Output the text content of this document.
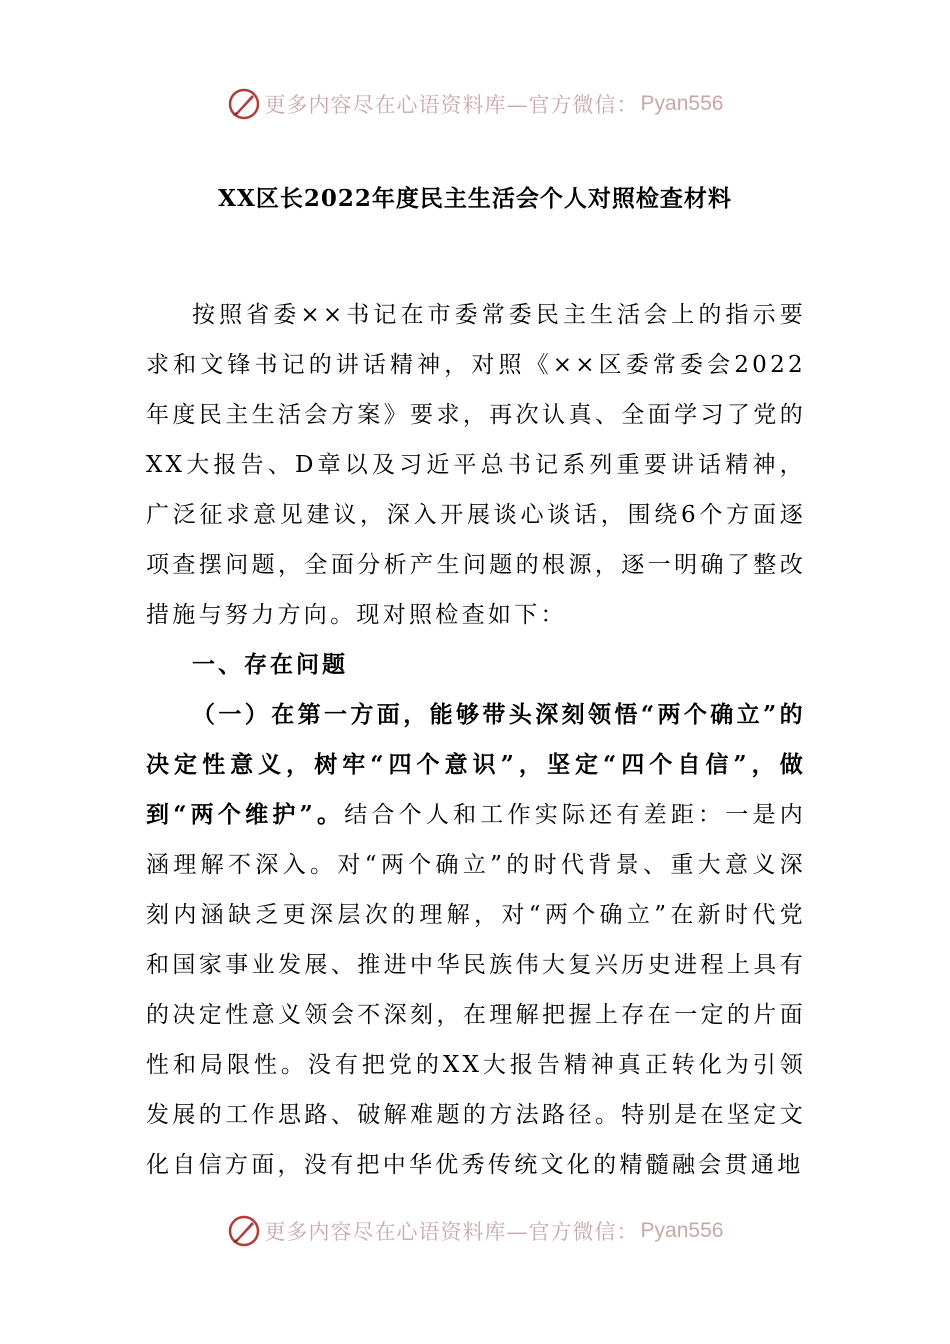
更多内容尽在心语资料库—官方微信： Pyan556
XX区长2022年度民主生活会个人对照检查材料

按照省委××书记在市委常委民主生活会上的指示要求和文锋书记的讲话精神，对照《××区委常委会2022年度民主生活会方案》要求，再次认真、全面学习了党的XX大报告、D章以及习近平总书记系列重要讲话精神，广泛征求意见建议，深入开展谈心谈话，围绕6个方面逐项查摆问题，全面分析产生问题的根源，逐一明确了整改措施与努力方向。现对照检查如下：

一、存在问题

（一）在第一方面，能够带头深刻领悟“两个确立”的决定性意义，树牢“四个意识”，坚定“四个自信”，做到“两个维护”。结合个人和工作实际还有差距：一是内涵理解不深入。对“两个确立”的时代背景、重大意义深刻内涵缺乏更深层次的理解，对“两个确立”在新时代党和国家事业发展、推进中华民族伟大复兴历史进程上具有的决定性意义领会不深刻，在理解把握上存在一定的片面性和局限性。没有把党的XX大报告精神真正转化为引领发展的工作思路、破解难题的方法路径。特别是在坚定文化自信方面，没有把中华优秀传统文化的精髓融会贯通地

更多内容尽在心语资料库—官方微信： Pyan556
